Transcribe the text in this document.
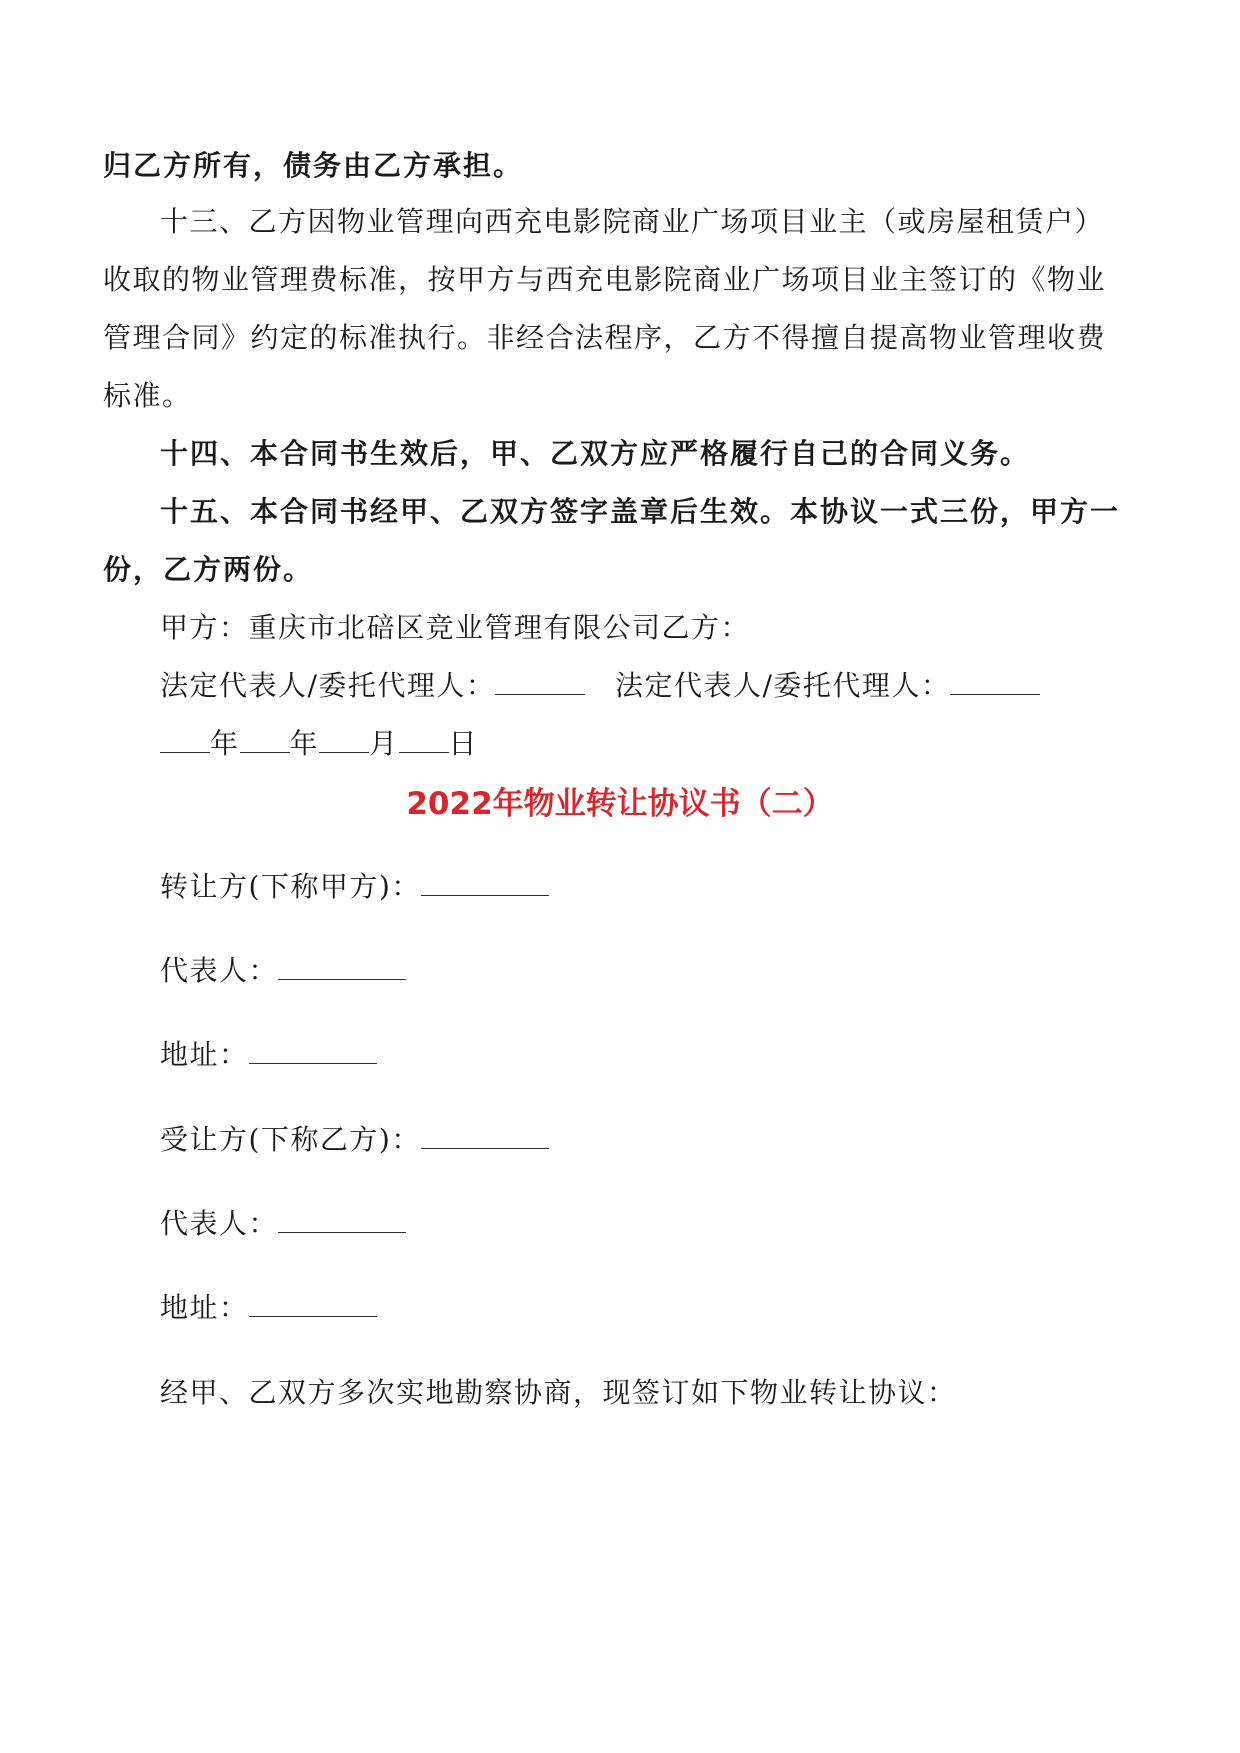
归乙方所有，债务由乙方承担。
十三、乙方因物业管理向西充电影院商业广场项目业主（或房屋租赁户）
收取的物业管理费标准，按甲方与西充电影院商业广场项目业主签订的《物业
管理合同》约定的标准执行。非经合法程序，乙方不得擅自提高物业管理收费
标准。
十四、本合同书生效后，甲、乙双方应严格履行自己的合同义务。
十五、本合同书经甲、乙双方签字盖章后生效。本协议一式三份，甲方一
份，乙方两份。
甲方：重庆市北碚区竞业管理有限公司乙方：
法定代表人/委托代理人：	法定代表人/委托代理人：
年 年 月 日
2022年物业转让协议书（二）
转让方(下称甲方)：
代表人：
地址：
受让方(下称乙方)：
代表人：
地址：
经甲、乙双方多次实地勘察协商，现签订如下物业转让协议：
